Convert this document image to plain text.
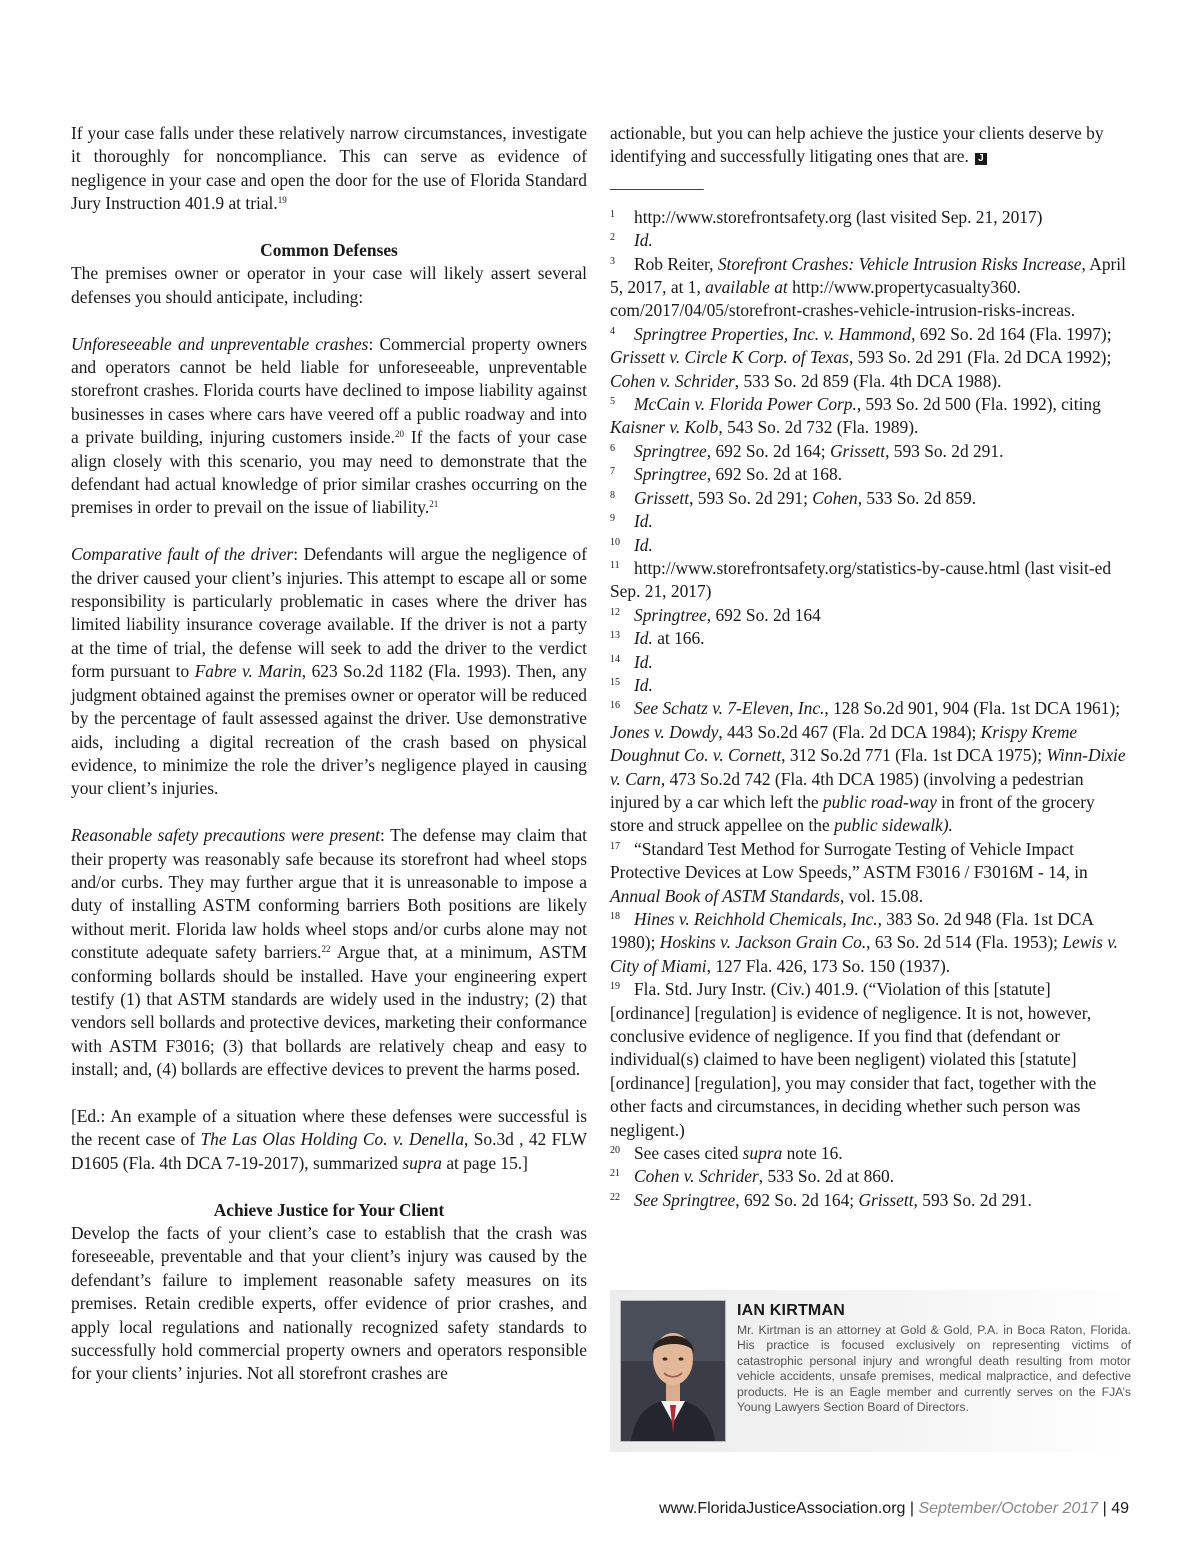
If your case falls under these relatively narrow circumstances, investigate it thoroughly for noncompliance. This can serve as evidence of negligence in your case and open the door for the use of Florida Standard Jury Instruction 401.9 at trial.$^{19}$

Common Defenses

The premises owner or operator in your case will likely assert several defenses you should anticipate, including:

Unforeseeable and unpreventable crashes: Commercial property owners and operators cannot be held liable for unforeseeable, unpreventable storefront crashes. Florida courts have declined to impose liability against businesses in cases where cars have veered off a public roadway and into a private building, injuring customers inside.$^{20}$ If the facts of your case align closely with this scenario, you may need to demonstrate that the defendant had actual knowledge of prior similar crashes occurring on the premises in order to prevail on the issue of liability.$^{21}$

Comparative fault of the driver: Defendants will argue the negligence of the driver caused your client’s injuries. This attempt to escape all or some responsibility is particularly problematic in cases where the driver has limited liability insurance coverage available. If the driver is not a party at the time of trial, the defense will seek to add the driver to the verdict form pursuant to Fabre v. Marin, 623 So.2d 1182 (Fla. 1993). Then, any judgment obtained against the premises owner or operator will be reduced by the percentage of fault assessed against the driver. Use demonstrative aids, including a digital recreation of the crash based on physical evidence, to minimize the role the driver’s negligence played in causing your client’s injuries.

Reasonable safety precautions were present: The defense may claim that their property was reasonably safe because its storefront had wheel stops and/or curbs. They may further argue that it is unreasonable to impose a duty of installing ASTM conforming barriers Both positions are likely without merit. Florida law holds wheel stops and/or curbs alone may not constitute adequate safety barriers.$^{22}$ Argue that, at a minimum, ASTM conforming bollards should be installed. Have your engineering expert testify (1) that ASTM standards are widely used in the industry; (2) that vendors sell bollards and protective devices, marketing their conformance with ASTM F3016; (3) that bollards are relatively cheap and easy to install; and, (4) bollards are effective devices to prevent the harms posed.

[Ed.: An example of a situation where these defenses were successful is the recent case of The Las Olas Holding Co. v. Denella, So.3d , 42 FLW D1605 (Fla. 4th DCA 7-19-2017), summarized supra at page 15.]

Achieve Justice for Your Client

Develop the facts of your client’s case to establish that the crash was foreseeable, preventable and that your client’s injury was caused by the defendant’s failure to implement reasonable safety measures on its premises. Retain credible experts, offer evidence of prior crashes, and apply local regulations and nationally recognized safety standards to successfully hold commercial property owners and operators responsible for your clients’ injuries. Not all storefront crashes are

actionable, but you can help achieve the justice your clients deserve by identifying and successfully litigating ones that are. J

___________

1 http://www.storefrontsafety.org (last visited Sep. 21, 2017)

2 Id.

3 Rob Reiter, Storefront Crashes: Vehicle Intrusion Risks Increase, April 5, 2017, at 1, available at http://www.propertycasualty360. com/2017/04/05/storefront-crashes-vehicle-intrusion-risks-increas.

4 Springtree Properties, Inc. v. Hammond, 692 So. 2d 164 (Fla. 1997); Grissett v. Circle K Corp. of Texas, 593 So. 2d 291 (Fla. 2d DCA 1992); Cohen v. Schrider, 533 So. 2d 859 (Fla. 4th DCA 1988).

5 McCain v. Florida Power Corp., 593 So. 2d 500 (Fla. 1992), citing Kaisner v. Kolb, 543 So. 2d 732 (Fla. 1989).

6 Springtree, 692 So. 2d 164; Grissett, 593 So. 2d 291.

7 Springtree, 692 So. 2d at 168.

8 Grissett, 593 So. 2d 291; Cohen, 533 So. 2d 859.

9 Id.

10 Id.

11 http://www.storefrontsafety.org/statistics-by-cause.html (last visit-ed Sep. 21, 2017)

12 Springtree, 692 So. 2d 164

13 Id. at 166.

14 Id.

15 Id.

16 See Schatz v. 7-Eleven, Inc., 128 So.2d 901, 904 (Fla. 1st DCA 1961); Jones v. Dowdy, 443 So.2d 467 (Fla. 2d DCA 1984); Krispy Kreme Doughnut Co. v. Cornett, 312 So.2d 771 (Fla. 1st DCA 1975); Winn-Dixie v. Carn, 473 So.2d 742 (Fla. 4th DCA 1985) (involving a pedestrian injured by a car which left the public road-way in front of the grocery store and struck appellee on the public sidewalk).

17 “Standard Test Method for Surrogate Testing of Vehicle Impact Protective Devices at Low Speeds,” ASTM F3016 / F3016M - 14, in Annual Book of ASTM Standards, vol. 15.08.

18 Hines v. Reichhold Chemicals, Inc., 383 So. 2d 948 (Fla. 1st DCA 1980); Hoskins v. Jackson Grain Co., 63 So. 2d 514 (Fla. 1953); Lewis v. City of Miami, 127 Fla. 426, 173 So. 150 (1937).

19 Fla. Std. Jury Instr. (Civ.) 401.9. (“Violation of this [statute] [ordinance] [regulation] is evidence of negligence. It is not, however, conclusive evidence of negligence. If you find that (defendant or individual(s) claimed to have been negligent) violated this [statute] [ordinance] [regulation], you may consider that fact, together with the other facts and circumstances, in deciding whether such person was negligent.)

20 See cases cited supra note 16.

21 Cohen v. Schrider, 533 So. 2d at 860.

22 See Springtree, 692 So. 2d 164; Grissett, 593 So. 2d 291.

IAN KIRTMAN
Mr. Kirtman is an attorney at Gold & Gold, P.A. in Boca Raton, Florida. His practice is focused exclusively on representing victims of catastrophic personal injury and wrongful death resulting from motor vehicle accidents, unsafe premises, medical malpractice, and defective products. He is an Eagle member and currently serves on the FJA’s Young Lawyers Section Board of Directors.
www.FloridaJusticeAssociation.org | September/October 2017 | 49
